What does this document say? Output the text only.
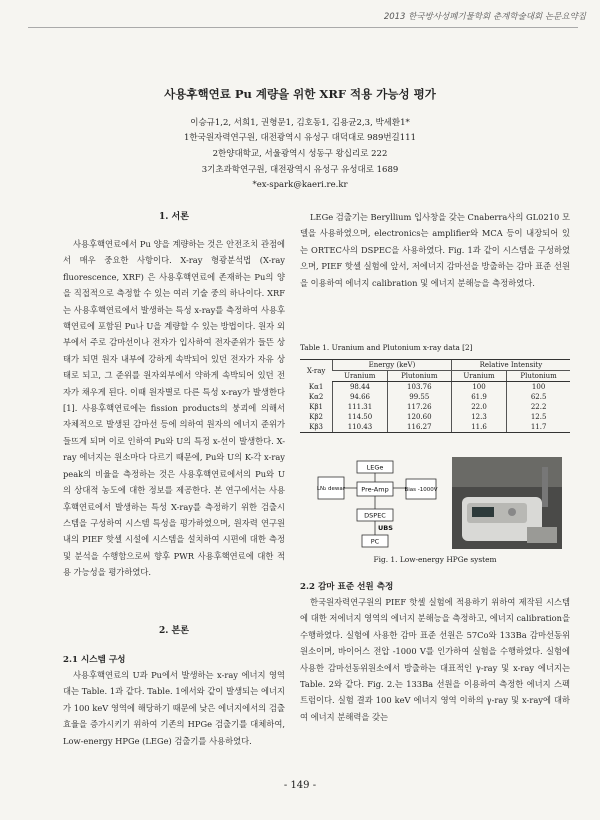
2013 한국방사성폐기물학회 춘계학술대회 논문요약집
사용후핵연료 Pu 계량을 위한 XRF 적용 가능성 평가
이승규1,2, 서희1, 권형문1, 김호동1, 김용균2,3, 박세환1*
1한국원자력연구원, 대전광역시 유성구 대덕대로 989번길111
2한양대학교, 서울광역시 성동구 왕십리로 222
3기초과학연구원, 대전광역시 유성구 유성대로 1689
*ex-spark@kaeri.re.kr
1. 서론
사용후핵연료에서 Pu 양을 계량하는 것은 안전조치 관점에서 매우 중요한 사항이다. X-ray 형광분석법 (X-ray fluorescence, XRF) 은 사용후핵연료에 존재하는 Pu의 양을 직접적으로 측정할 수 있는 여러 기술 중의 하나이다. XRF는 사용후핵연료에서 발생하는 특성 x-ray를 측정하여 사용후핵연료에 포함된 Pu나 U을 계량할 수 있는 방법이다. 원자 외부에서 주로 감마선이나 전자가 입사하여 전자준위가 들뜬 상태가 되면 원자 내부에 강하게 속박되어 있던 전자가 자유 상태로 되고, 그 준위를 원자외부에서 약하게 속박되어 있던 전자가 채우게 된다. 이때 원자별로 다른 특성 x-ray가 발생한다 [1]. 사용후핵연료에는 fission products의 붕괴에 의해서 자체적으로 발생된 감마선 등에 의하여 원자의 에너지 준위가 들뜨게 되며 이로 인하여 Pu와 U의 특정 x-선이 발생한다. X-ray 에너지는 원소마다 다르기 때문에, Pu와 U의 K-각 x-ray peak의 비율을 측정하는 것은 사용후핵연료에서의 Pu와 U의 상대적 농도에 대한 정보를 제공한다. 본 연구에서는 사용후핵연료에서 발생하는 특성 X-ray를 측정하기 위한 검출시스템을 구성하여 시스템 특성을 평가하였으며, 원자력 연구원 내의 PIEF 핫셀 시설에 시스템을 설치하여 시편에 대한 측정 및 분석을 수행함으로써 향후 PWR 사용후핵연료에 대한 적용 가능성을 평가하였다.
2. 본론
2.1 시스템 구성
사용후핵연료의 U과 Pu에서 발생하는 x-ray 에너지 영역 대는 Table. 1과 같다. Table. 1에서와 같이 발생되는 에너지가 100 keV 영역에 해당하기 때문에 낮은 에너지에서의 검출효율을 증가시키기 위하여 기존의 HPGe 검출기를 대체하여, Low-energy HPGe (LEGe) 검출기를 사용하였다.
LEGe 검출기는 Beryllium 입사창을 갖는 Cnaberra사의 GL0210 모델을 사용하였으며, electronics는 amplifier와 MCA 등이 내장되어 있는 ORTEC사의 DSPEC을 사용하였다. Fig. 1과 같이 시스템을 구성하였으며, PIEF 핫셀 실험에 앞서, 저에너지 감마선을 방출하는 감마 표준 선원을 이용하여 에너지 calibration 및 에너지 분해능을 측정하였다.
Table 1. Uranium and Plutonium x-ray data [2]
X-ray	Energy (keV)		Relative Intensity	
	Uranium	Plutonium	Uranium	Plutonium
Kα1	98.44	103.76	100	100
Kα2	94.66	99.55	61.9	62.5
Kβ1	111.31	117.26	22.0	22.2
Kβ2	114.50	120.60	12.3	12.5
Kβ3	110.43	116.27	11.6	11.7
LEGe
LN₂ dewar Pre-Amp	Bias -1000V
DSPEC
UBS
PC
Fig. 1. Low-energy HPGe system
2.2 감마 표준 선원 측정
한국원자력연구원의 PIEF 핫셀 실험에 적용하기 위하여 제작된 시스템에 대한 저에너지 영역의 에너지 분해능을 측정하고, 에너지 calibration을 수행하였다. 실험에 사용한 감마 표준 선원은 57Co와 133Ba 감마선동위원소이며, 바이어스 전압 -1000 V를 인가하여 실험을 수행하였다. 실험에 사용한 감마선동위원소에서 방출하는 대표적인 γ-ray 및 x-ray 에너지는 Table. 2와 같다. Fig. 2.는 133Ba 선원을 이용하여 측정한 에너지 스펙트럼이다. 실험 결과 100 keV 에너지 영역 이하의 γ-ray 및 x-ray에 대하여 에너지 분해력을 갖는
- 149 -
